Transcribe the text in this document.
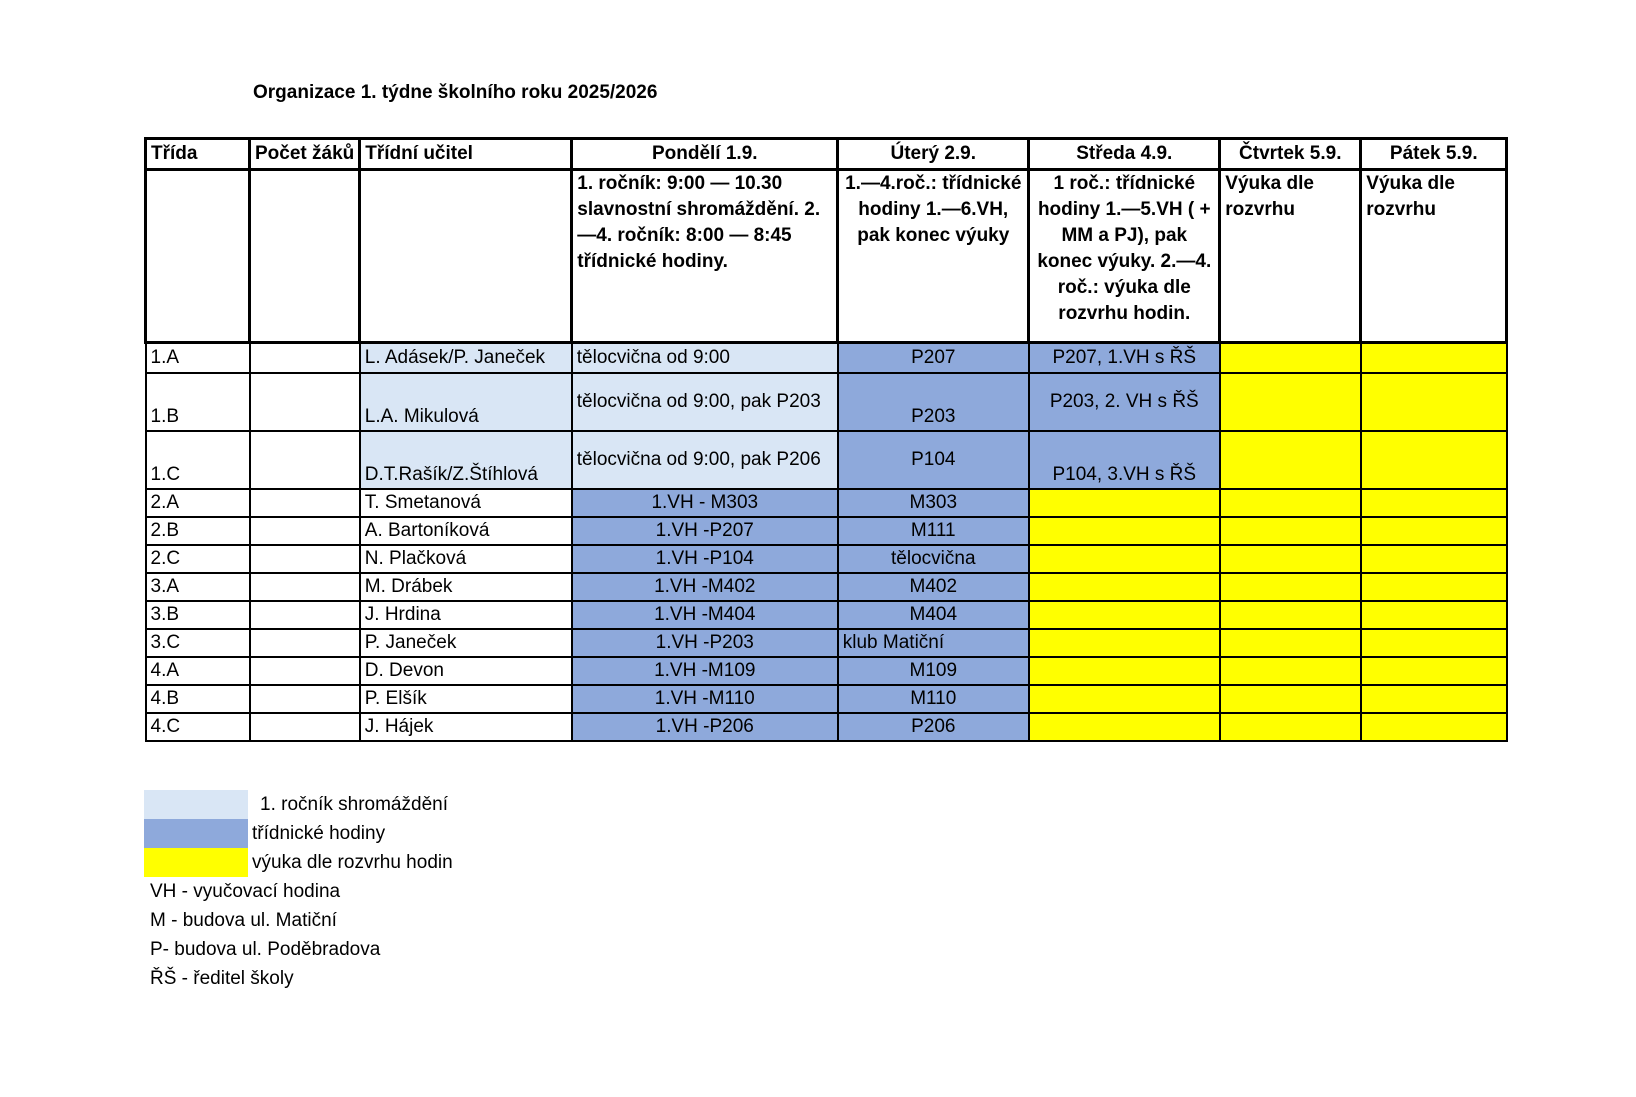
Organizace 1. týdne školního roku 2025/2026
Třída	Počet žáků	Třídní učitel	Pondělí 1.9.	Úterý 2.9.	Středa 4.9.	Čtvrtek 5.9.	Pátek 5.9.
			1. ročník: 9:00 — 10.30 slavnostní shromáždění. 2.—4. ročník: 8:00 — 8:45 třídnické hodiny.	1.—4.roč.: třídnické hodiny 1.—6.VH, pak konec výuky	1 roč.: třídnické hodiny 1.—5.VH ( + MM a PJ), pak konec výuky. 2.—4. roč.: výuka dle rozvrhu hodin.	Výuka dle rozvrhu	Výuka dle rozvrhu
1.A		L. Adásek/P. Janeček	tělocvična od 9:00	P207	P207, 1.VH s ŘŠ		
1.B		L.A. Mikulová	tělocvična od 9:00, pak P203	P203	P203, 2. VH s ŘŠ		
1.C		D.T.Rašík/Z.Štíhlová	tělocvična od 9:00, pak P206	P104	P104, 3.VH s ŘŠ		
2.A		T. Smetanová	1.VH - M303	M303			
2.B		A. Bartoníková	1.VH -P207	M111			
2.C		N. Plačková	1.VH -P104	tělocvična			
3.A		M. Drábek	1.VH -M402	M402			
3.B		J. Hrdina	1.VH -M404	M404			
3.C		P. Janeček	1.VH -P203	klub Matiční			
4.A		D. Devon	1.VH -M109	M109			
4.B		P. Elšík	1.VH -M110	M110			
4.C		J. Hájek	1.VH -P206	P206			
1. ročník shromáždění
třídnické hodiny
výuka dle rozvrhu hodin
VH - vyučovací hodina
M - budova ul. Matiční
P- budova ul. Poděbradova
ŘŠ - ředitel školy
